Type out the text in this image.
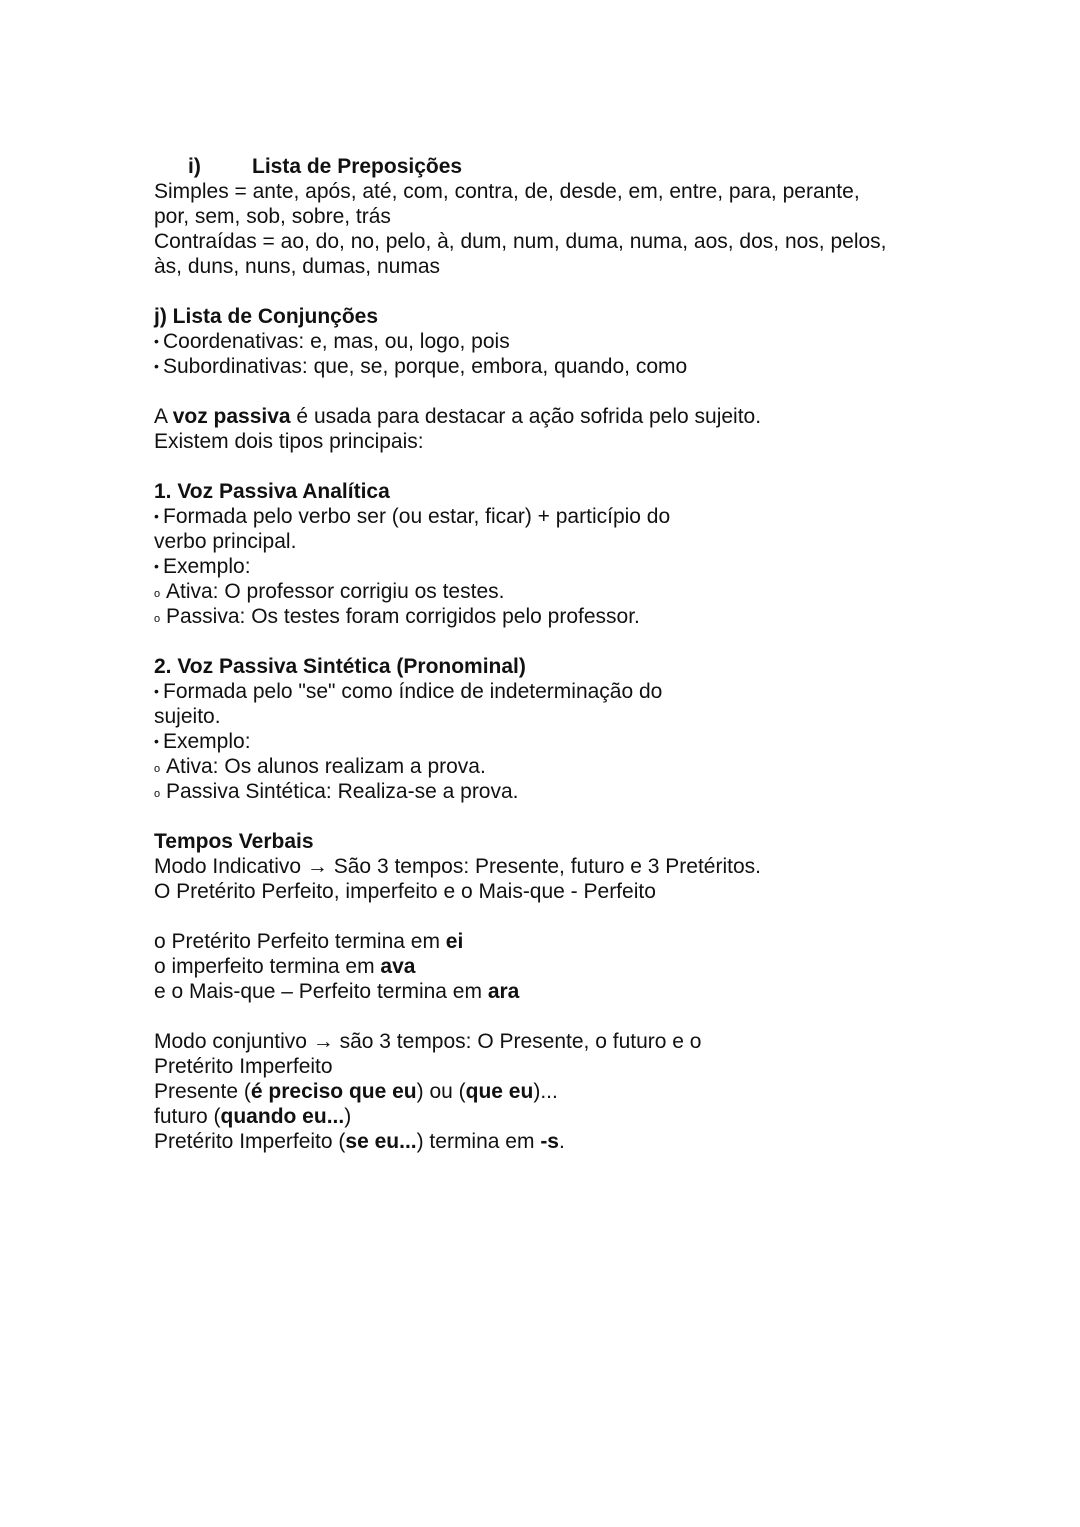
i) Lista de Preposições
Simples = ante, após, até, com, contra, de, desde, em, entre, para, perante,
por, sem, sob, sobre, trás
Contraídas = ao, do, no, pelo, à, dum, num, duma, numa, aos, dos, nos, pelos,
às, duns, nuns, dumas, numas
j) Lista de Conjunções
• Coordenativas: e, mas, ou, logo, pois
• Subordinativas: que, se, porque, embora, quando, como
A voz passiva é usada para destacar a ação sofrida pelo sujeito.
Existem dois tipos principais:
1. Voz Passiva Analítica
• Formada pelo verbo ser (ou estar, ficar) + particípio do
verbo principal.
• Exemplo:
o Ativa: O professor corrigiu os testes.
o Passiva: Os testes foram corrigidos pelo professor.
2. Voz Passiva Sintética (Pronominal)
• Formada pelo "se" como índice de indeterminação do
sujeito.
• Exemplo:
o Ativa: Os alunos realizam a prova.
o Passiva Sintética: Realiza-se a prova.
Tempos Verbais
Modo Indicativo → São 3 tempos: Presente, futuro e 3 Pretéritos.
O Pretérito Perfeito, imperfeito e o Mais-que - Perfeito
o Pretérito Perfeito termina em ei
o imperfeito termina em ava
e o Mais-que – Perfeito termina em ara
Modo conjuntivo → são 3 tempos: O Presente, o futuro e o
Pretérito Imperfeito
Presente (é preciso que eu) ou (que eu)...
futuro (quando eu...)
Pretérito Imperfeito (se eu...) termina em -s.
